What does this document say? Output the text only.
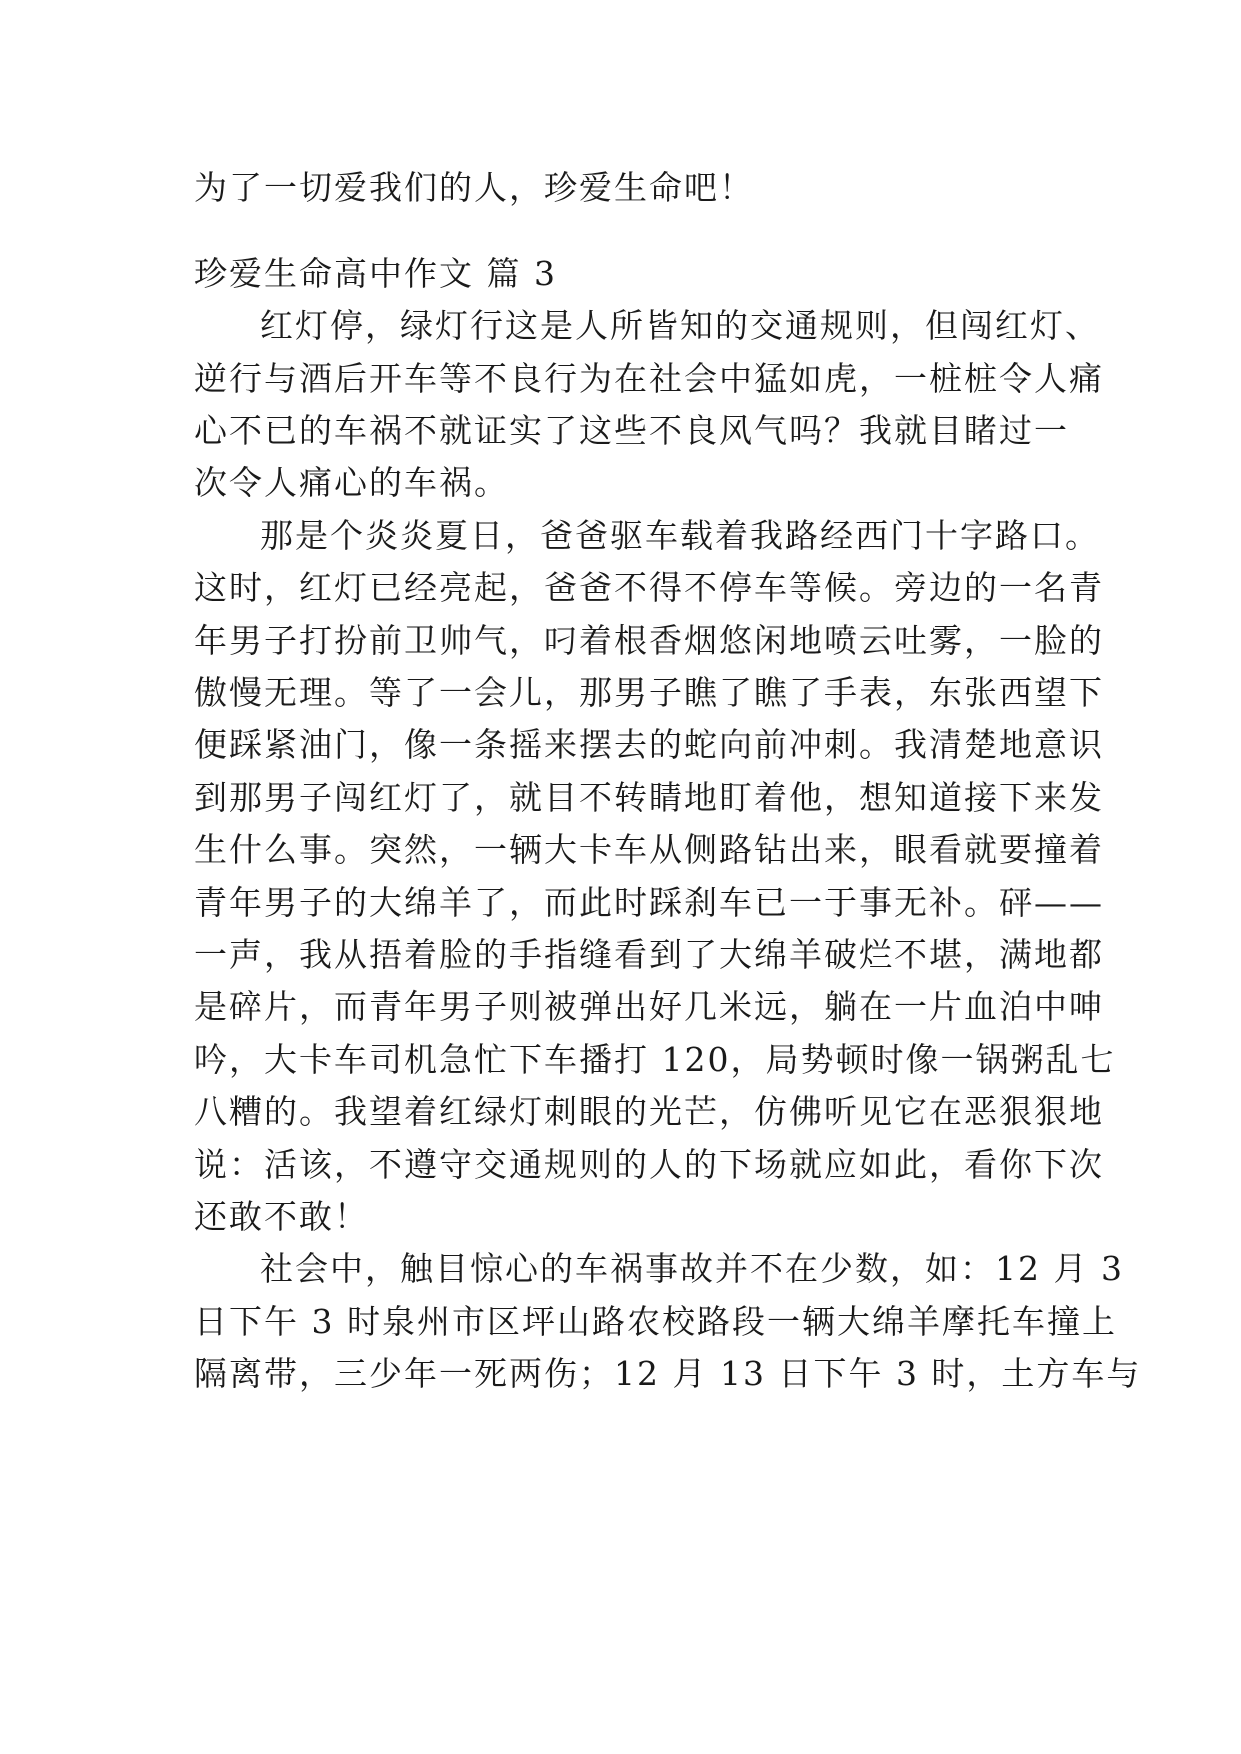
为了一切爱我们的人，珍爱生命吧！
珍爱生命高中作文 篇 3
红灯停，绿灯行这是人所皆知的交通规则，但闯红灯、
逆行与酒后开车等不良行为在社会中猛如虎，一桩桩令人痛
心不已的车祸不就证实了这些不良风气吗？我就目睹过一
次令人痛心的车祸。
那是个炎炎夏日，爸爸驱车载着我路经西门十字路口。
这时，红灯已经亮起，爸爸不得不停车等候。旁边的一名青
年男子打扮前卫帅气，叼着根香烟悠闲地喷云吐雾，一脸的
傲慢无理。等了一会儿，那男子瞧了瞧了手表，东张西望下
便踩紧油门，像一条摇来摆去的蛇向前冲刺。我清楚地意识
到那男子闯红灯了，就目不转睛地盯着他，想知道接下来发
生什么事。突然，一辆大卡车从侧路钻出来，眼看就要撞着
青年男子的大绵羊了，而此时踩刹车已一于事无补。砰——
一声，我从捂着脸的手指缝看到了大绵羊破烂不堪，满地都
是碎片，而青年男子则被弹出好几米远，躺在一片血泊中呻
吟，大卡车司机急忙下车播打 120，局势顿时像一锅粥乱七
八糟的。我望着红绿灯刺眼的光芒，仿佛听见它在恶狠狠地
说：活该，不遵守交通规则的人的下场就应如此，看你下次
还敢不敢！
社会中，触目惊心的车祸事故并不在少数，如：12 月 3
日下午 3 时泉州市区坪山路农校路段一辆大绵羊摩托车撞上
隔离带，三少年一死两伤；12 月 13 日下午 3 时，土方车与
